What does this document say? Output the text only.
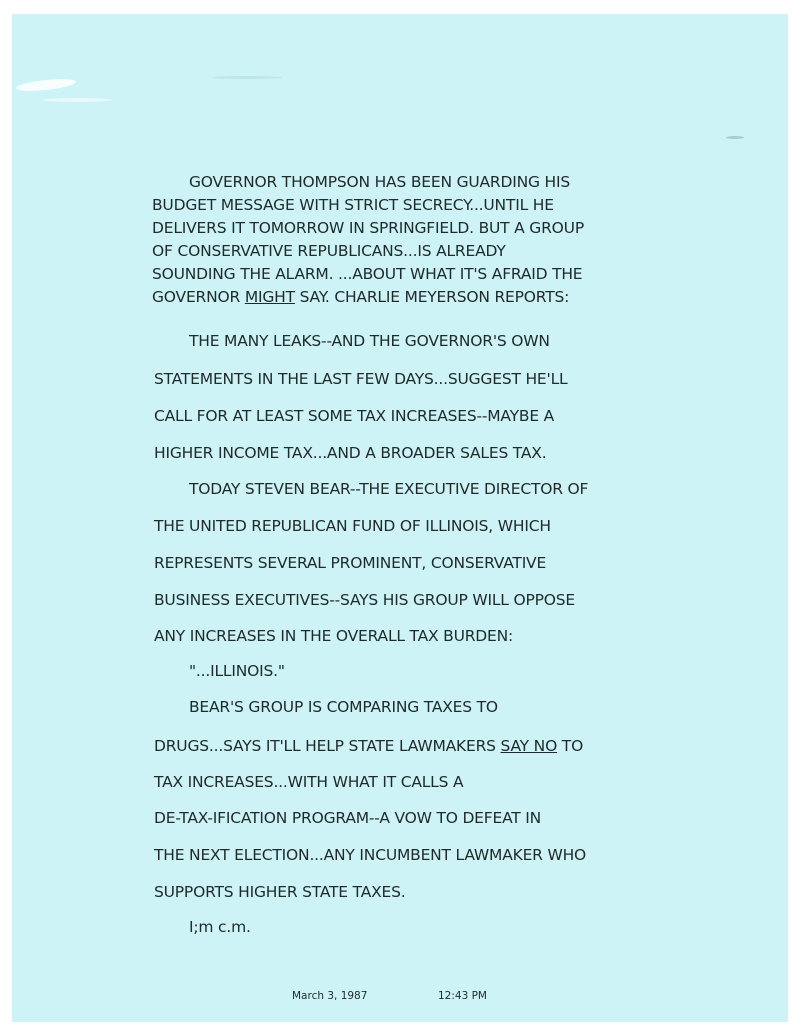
GOVERNOR THOMPSON HAS BEEN GUARDING HIS

BUDGET MESSAGE WITH STRICT SECRECY...UNTIL HE

DELIVERS IT TOMORROW IN SPRINGFIELD. BUT A GROUP

OF CONSERVATIVE REPUBLICANS...IS ALREADY

SOUNDING THE ALARM. ...ABOUT WHAT IT'S AFRAID THE

GOVERNOR MIGHT SAY. CHARLIE MEYERSON REPORTS:

THE MANY LEAKS--AND THE GOVERNOR'S OWN

STATEMENTS IN THE LAST FEW DAYS...SUGGEST HE'LL

CALL FOR AT LEAST SOME TAX INCREASES--MAYBE A

HIGHER INCOME TAX...AND A BROADER SALES TAX.

TODAY STEVEN BEAR--THE EXECUTIVE DIRECTOR OF

THE UNITED REPUBLICAN FUND OF ILLINOIS, WHICH

REPRESENTS SEVERAL PROMINENT, CONSERVATIVE

BUSINESS EXECUTIVES--SAYS HIS GROUP WILL OPPOSE

ANY INCREASES IN THE OVERALL TAX BURDEN:

"...ILLINOIS."

BEAR'S GROUP IS COMPARING TAXES TO

DRUGS...SAYS IT'LL HELP STATE LAWMAKERS SAY NO TO

TAX INCREASES...WITH WHAT IT CALLS A

DE-TAX-IFICATION PROGRAM--A VOW TO DEFEAT IN

THE NEXT ELECTION...ANY INCUMBENT LAWMAKER WHO

SUPPORTS HIGHER STATE TAXES.

I;m c.m.

March 3, 1987	12:43 PM
